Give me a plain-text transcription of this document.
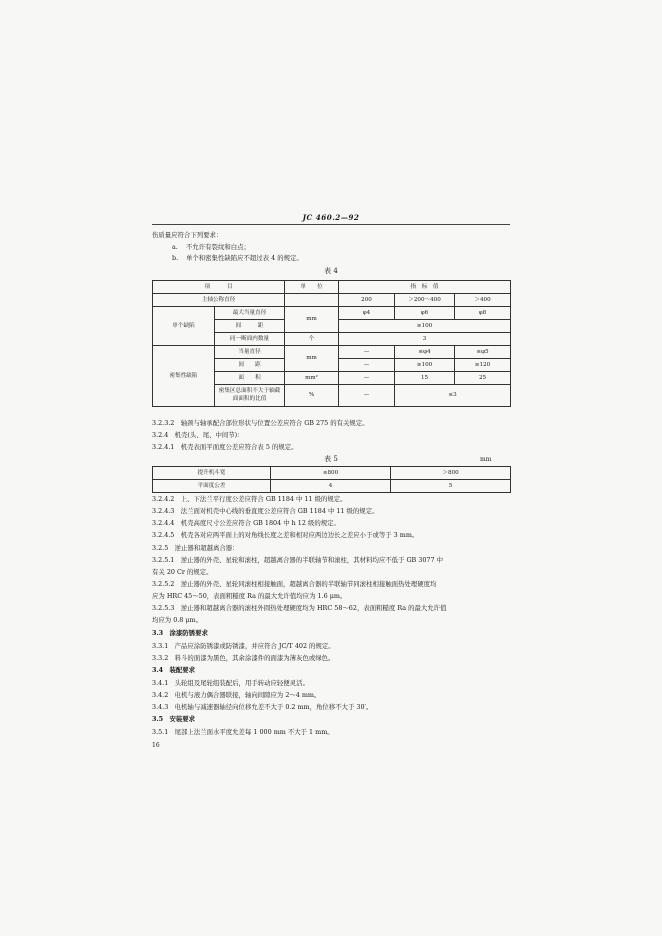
JC 460.2—92
伤质量应符合下列要求：
a. 不允许有裂纹和白点；
b. 单个和密集性缺陷应不超过表 4 的规定。
表 4
项　　　目		单　　位	指　标　值		
主轴公称直径			200	＞200～400	＞400
单个缺陷	最大当量直径	mm	φ4	φ6	φ8
	间　　　距		≥100		
	同一断面内数量	个	3		
密集性缺陷	当量直径	mm	—	≤φ4	≤φ5
	间　　距		—	≥100	≥120
	面　　积	mm²	—	15	25
	密集区总面积不大于轴截面面积的比值	%	—	≤3	
3.2.3.2　轴颈与轴承配合部位形状与位置公差应符合 GB 275 的有关规定。
3.2.4　机壳(头、尾、中间节)：
3.2.4.1　机壳表面平面度公差应符合表 5 的规定。
表 5	mm
提升机斗宽	≤800	＞800
平面度公差	4	5
3.2.4.2　上、下法兰平行度公差应符合 GB 1184 中 11 级的规定。
3.2.4.3　法兰面对机壳中心线的垂直度公差应符合 GB 1184 中 11 级的规定。
3.2.4.4　机壳高度尺寸公差应符合 GB 1804 中 h 12 级的规定。
3.2.4.5　机壳各对应两平面上的对角线长度之差和相对应两边边长之差应小于或等于 3 mm。
3.2.5　逆止器和超越离合器：
3.2.5.1　逆止器的外壳、星轮和滚柱，超越离合器的半联轴节和滚柱，其材料均应不低于 GB 3077 中
有关 20 Cr 的规定。
3.2.5.2　逆止器的外壳、星轮同滚柱相接触面，超越离合器的半联轴节同滚柱相接触面热处理硬度均
应为 HRC 45～50，表面粗糙度 Ra 的最大允许值均应为 1.6 μm。
3.2.5.3　逆止器和超越离合器的滚柱外圆热处理硬度均为 HRC 58～62，表面粗糙度 Ra 的最大允许值
均应为 0.8 μm。
3.3　涂漆防锈要求
3.3.1　产品应涂防锈漆或防锈漆，并应符合 JC/T 402 的规定。
3.3.2　料斗的面漆为黑色，其余涂漆件的面漆为薄灰色或绿色。
3.4　装配要求
3.4.1　头轮组及尾轮组装配后，用手转动应轻便灵活。
3.4.2　电机与液力偶合器联接，轴向间隙应为 2～4 mm。
3.4.3　电机轴与减速器轴径向位移允差不大于 0.2 mm，角位移不大于 30′。
3.5　安装要求
3.5.1　尾部上法兰面水平度允差每 1 000 mm 不大于 1 mm。
16
